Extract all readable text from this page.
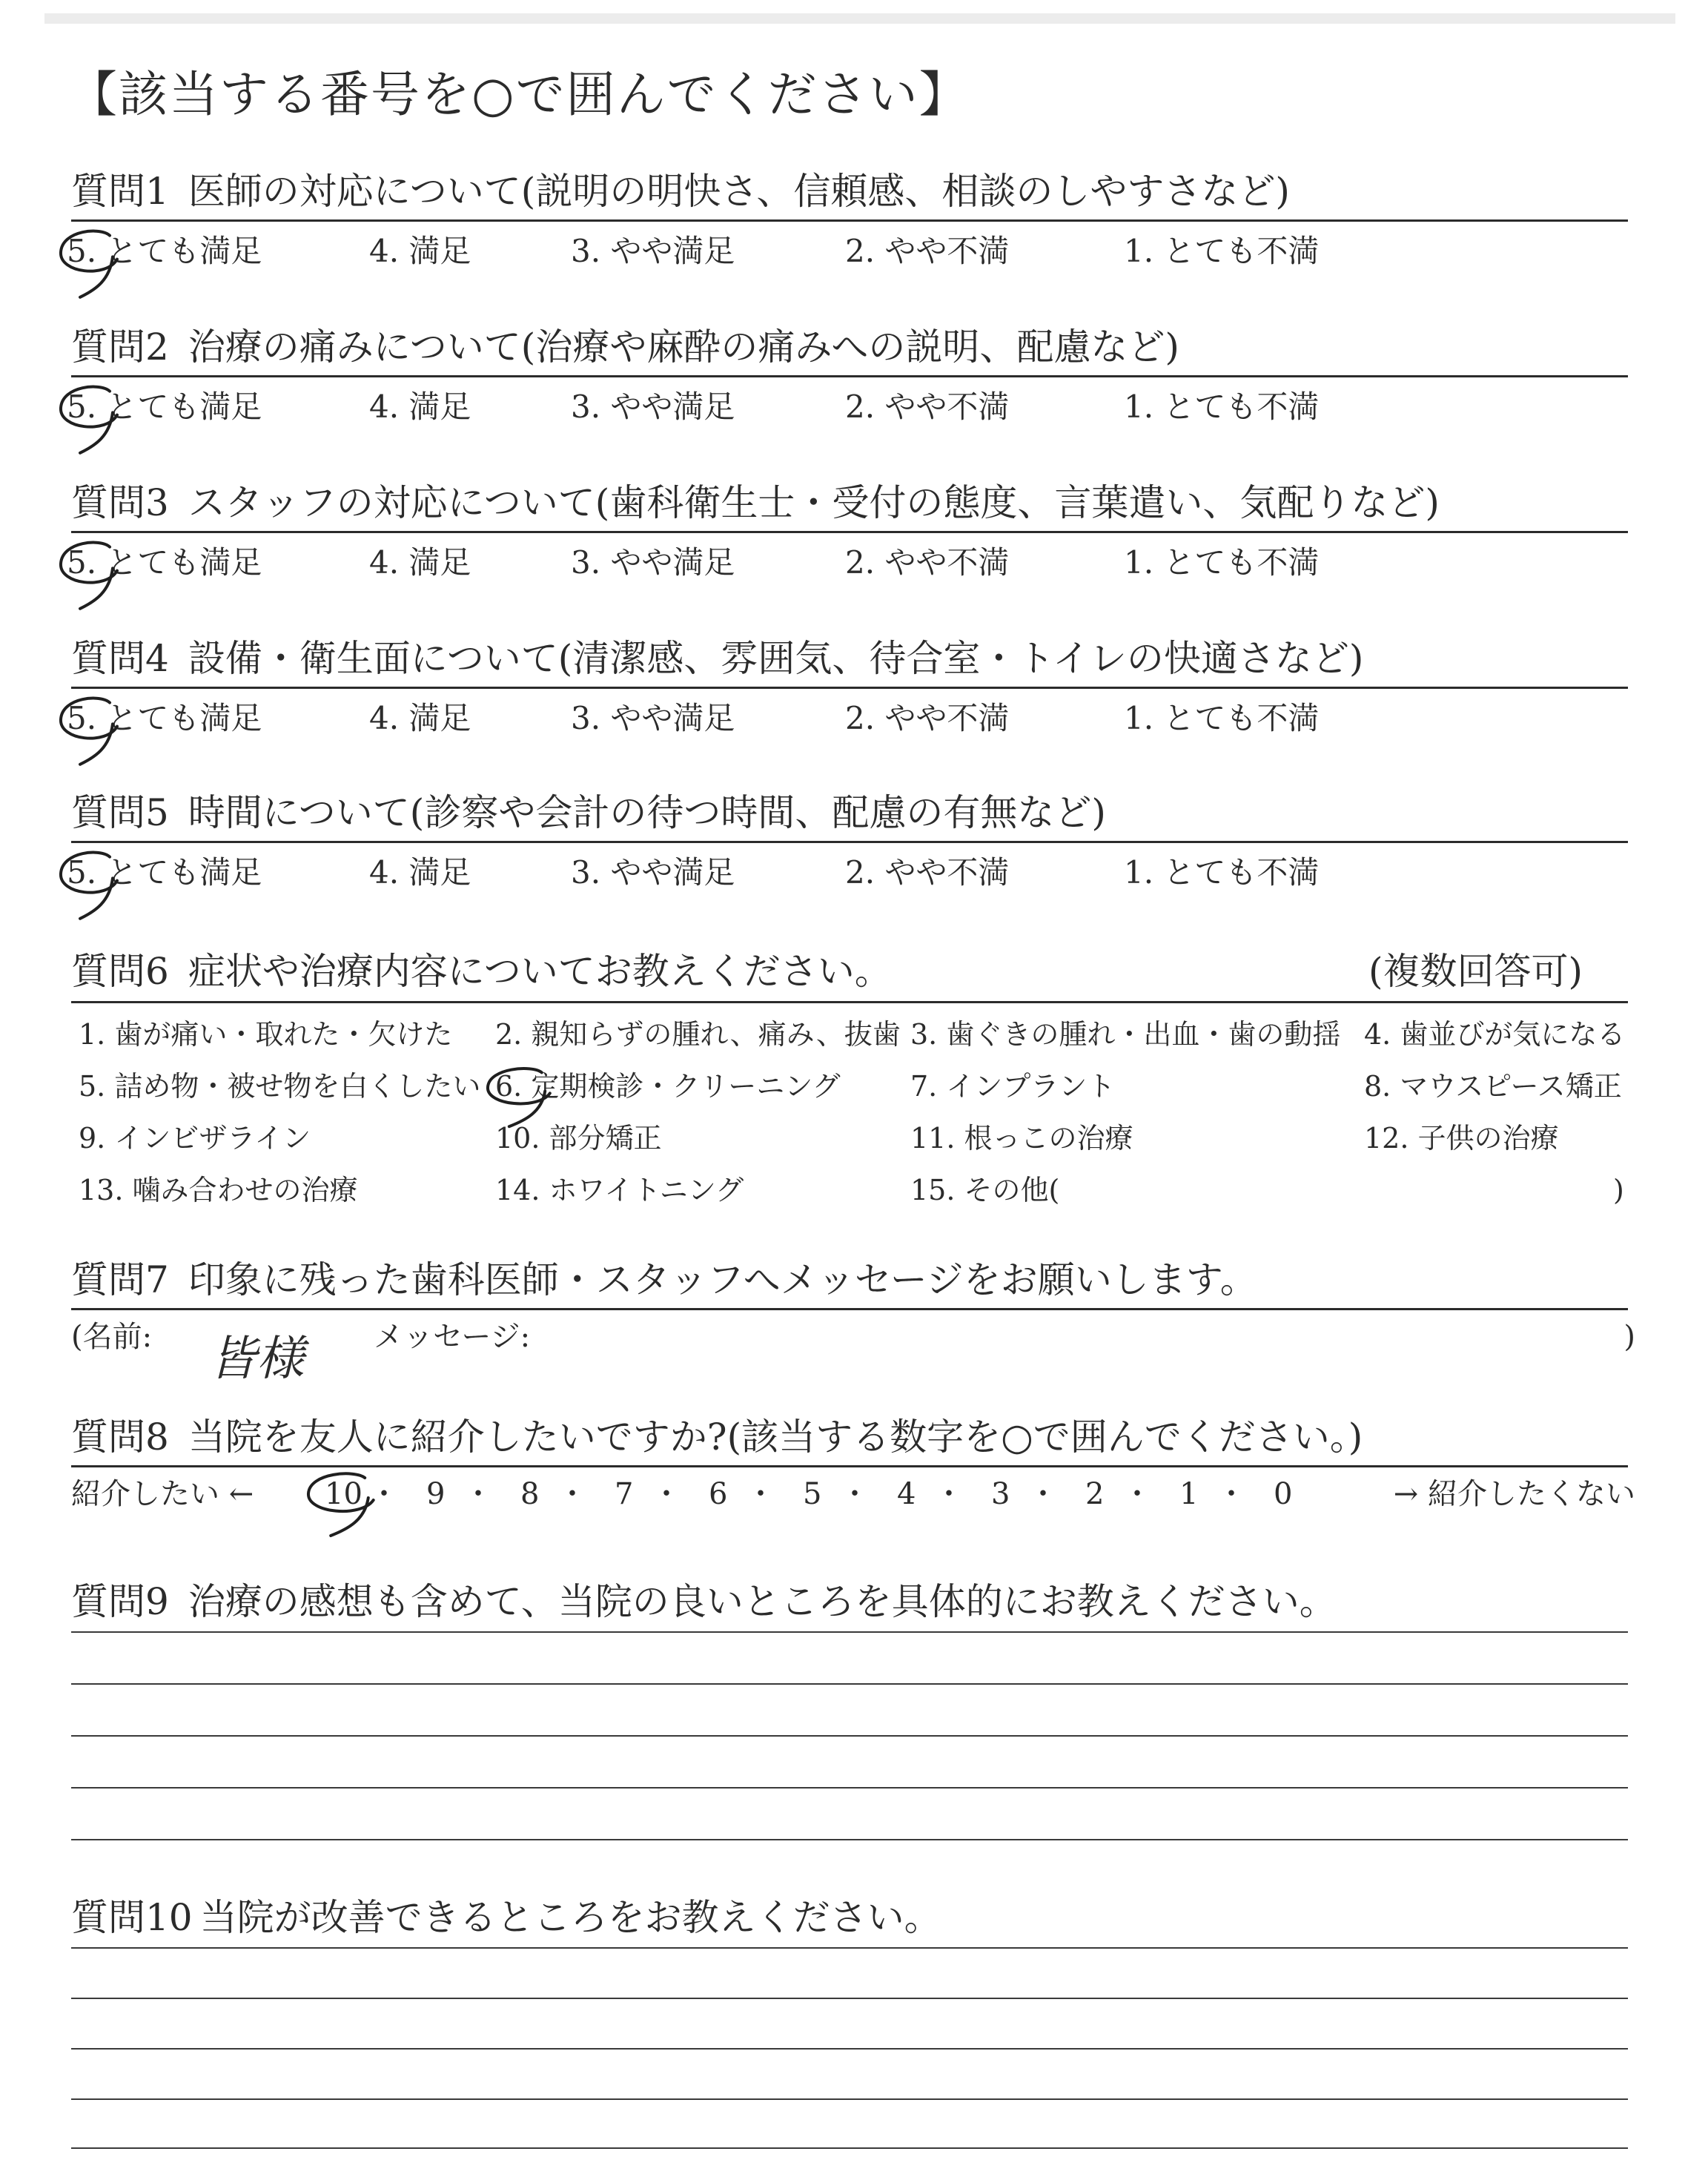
【該当する番号を○で囲んでください】
質問1 医師の対応について(説明の明快さ、信頼感、相談のしやすさなど)
5. とても満足	4. 満足	3. やや満足	2. やや不満	1. とても不満
質問2 治療の痛みについて(治療や麻酔の痛みへの説明、配慮など)
5. とても満足	4. 満足	3. やや満足	2. やや不満	1. とても不満
質問3 スタッフの対応について(歯科衛生士・受付の態度、言葉遣い、気配りなど)
5. とても満足	4. 満足	3. やや満足	2. やや不満	1. とても不満
質問4 設備・衛生面について(清潔感、雰囲気、待合室・トイレの快適さなど)
5. とても満足	4. 満足	3. やや満足	2. やや不満	1. とても不満
質問5 時間について(診察や会計の待つ時間、配慮の有無など)
5. とても満足	4. 満足	3. やや満足	2. やや不満	1. とても不満
質問6 症状や治療内容についてお教えください。	(複数回答可)
1. 歯が痛い・取れた・欠けた 2. 親知らずの腫れ、痛み、抜歯 3. 歯ぐきの腫れ・出血・歯の動揺 4. 歯並びが気になる
5. 詰め物・被せ物を白くしたい 6. 定期検診・クリーニング 7. インプラント	8. マウスピース矯正
9. インビザライン	10. 部分矯正	11. 根っこの治療	12. 子供の治療
13. 噛み合わせの治療	14. ホワイトニング	15. その他(	)
質問7 印象に残った歯科医師・スタッフへメッセージをお願いします。
(名前: 皆様 メッセージ:	)
質問8 当院を友人に紹介したいですか?(該当する数字を○で囲んでください。)
紹介したい ← 10 ・ 9 ・ 8 ・ 7 ・ 6 ・ 5 ・ 4 ・ 3 ・ 2 ・ 1 ・ 0	→ 紹介したくない
質問9 治療の感想も含めて、当院の良いところを具体的にお教えください。
質問10 当院が改善できるところをお教えください。
